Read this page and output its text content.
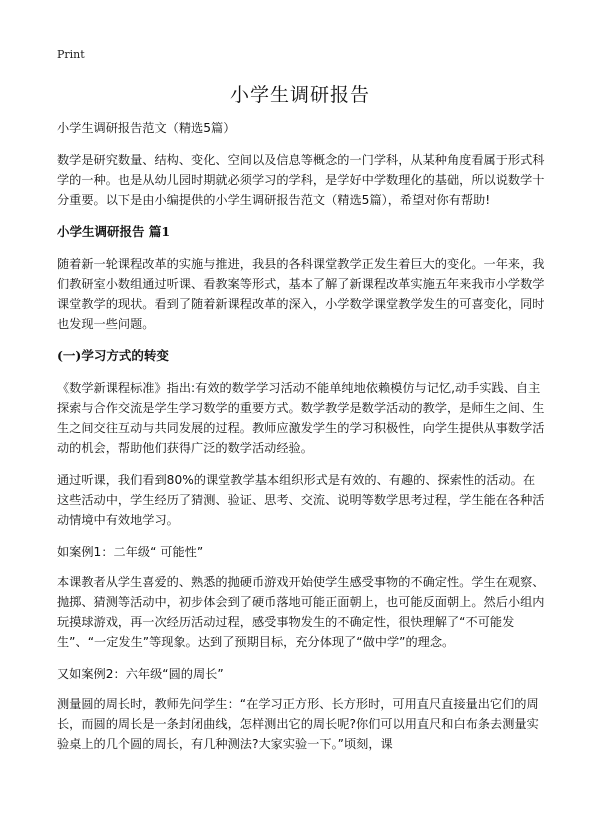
Print
小学生调研报告

小学生调研报告范文（精选5篇）

数学是研究数量、结构、变化、空间以及信息等概念的一门学科，从某种角度看属于形式科学的一种。也是从幼儿园时期就必须学习的学科，是学好中学数理化的基础，所以说数学十分重要。以下是由小编提供的小学生调研报告范文（精选5篇），希望对你有帮助!

小学生调研报告 篇1

随着新一轮课程改革的实施与推进，我县的各科课堂教学正发生着巨大的变化。一年来，我们教研室小数组通过听课、看教案等形式，基本了解了新课程改革实施五年来我市小学数学课堂教学的现状。看到了随着新课程改革的深入，小学数学课堂教学发生的可喜变化，同时也发现一些问题。

(一)学习方式的转变

《数学新课程标准》指出:有效的数学学习活动不能单纯地依赖模仿与记忆,动手实践、自主探索与合作交流是学生学习数学的重要方式。数学教学是数学活动的教学，是师生之间、生生之间交往互动与共同发展的过程。教师应激发学生的学习积极性，向学生提供从事数学活动的机会，帮助他们获得广泛的数学活动经验。

通过听课，我们看到80%的课堂教学基本组织形式是有效的、有趣的、探索性的活动。在这些活动中，学生经历了猜测、验证、思考、交流、说明等数学思考过程，学生能在各种活动情境中有效地学习。

如案例1：二年级“ 可能性”

本课教者从学生喜爱的、熟悉的抛硬币游戏开始使学生感受事物的不确定性。学生在观察、抛掷、猜测等活动中，初步体会到了硬币落地可能正面朝上，也可能反面朝上。然后小组内玩摸球游戏，再一次经历活动过程，感受事物发生的不确定性，很快理解了“不可能发生”、“一定发生”等现象。达到了预期目标，充分体现了“做中学”的理念。

又如案例2：六年级“圆的周长”

测量圆的周长时，教师先问学生：“在学习正方形、长方形时，可用直尺直接量出它们的周长，而圆的周长是一条封闭曲线，怎样测出它的周长呢?你们可以用直尺和白布条去测量实验桌上的几个圆的周长，有几种测法?大家实验一下。”顷刻，课
